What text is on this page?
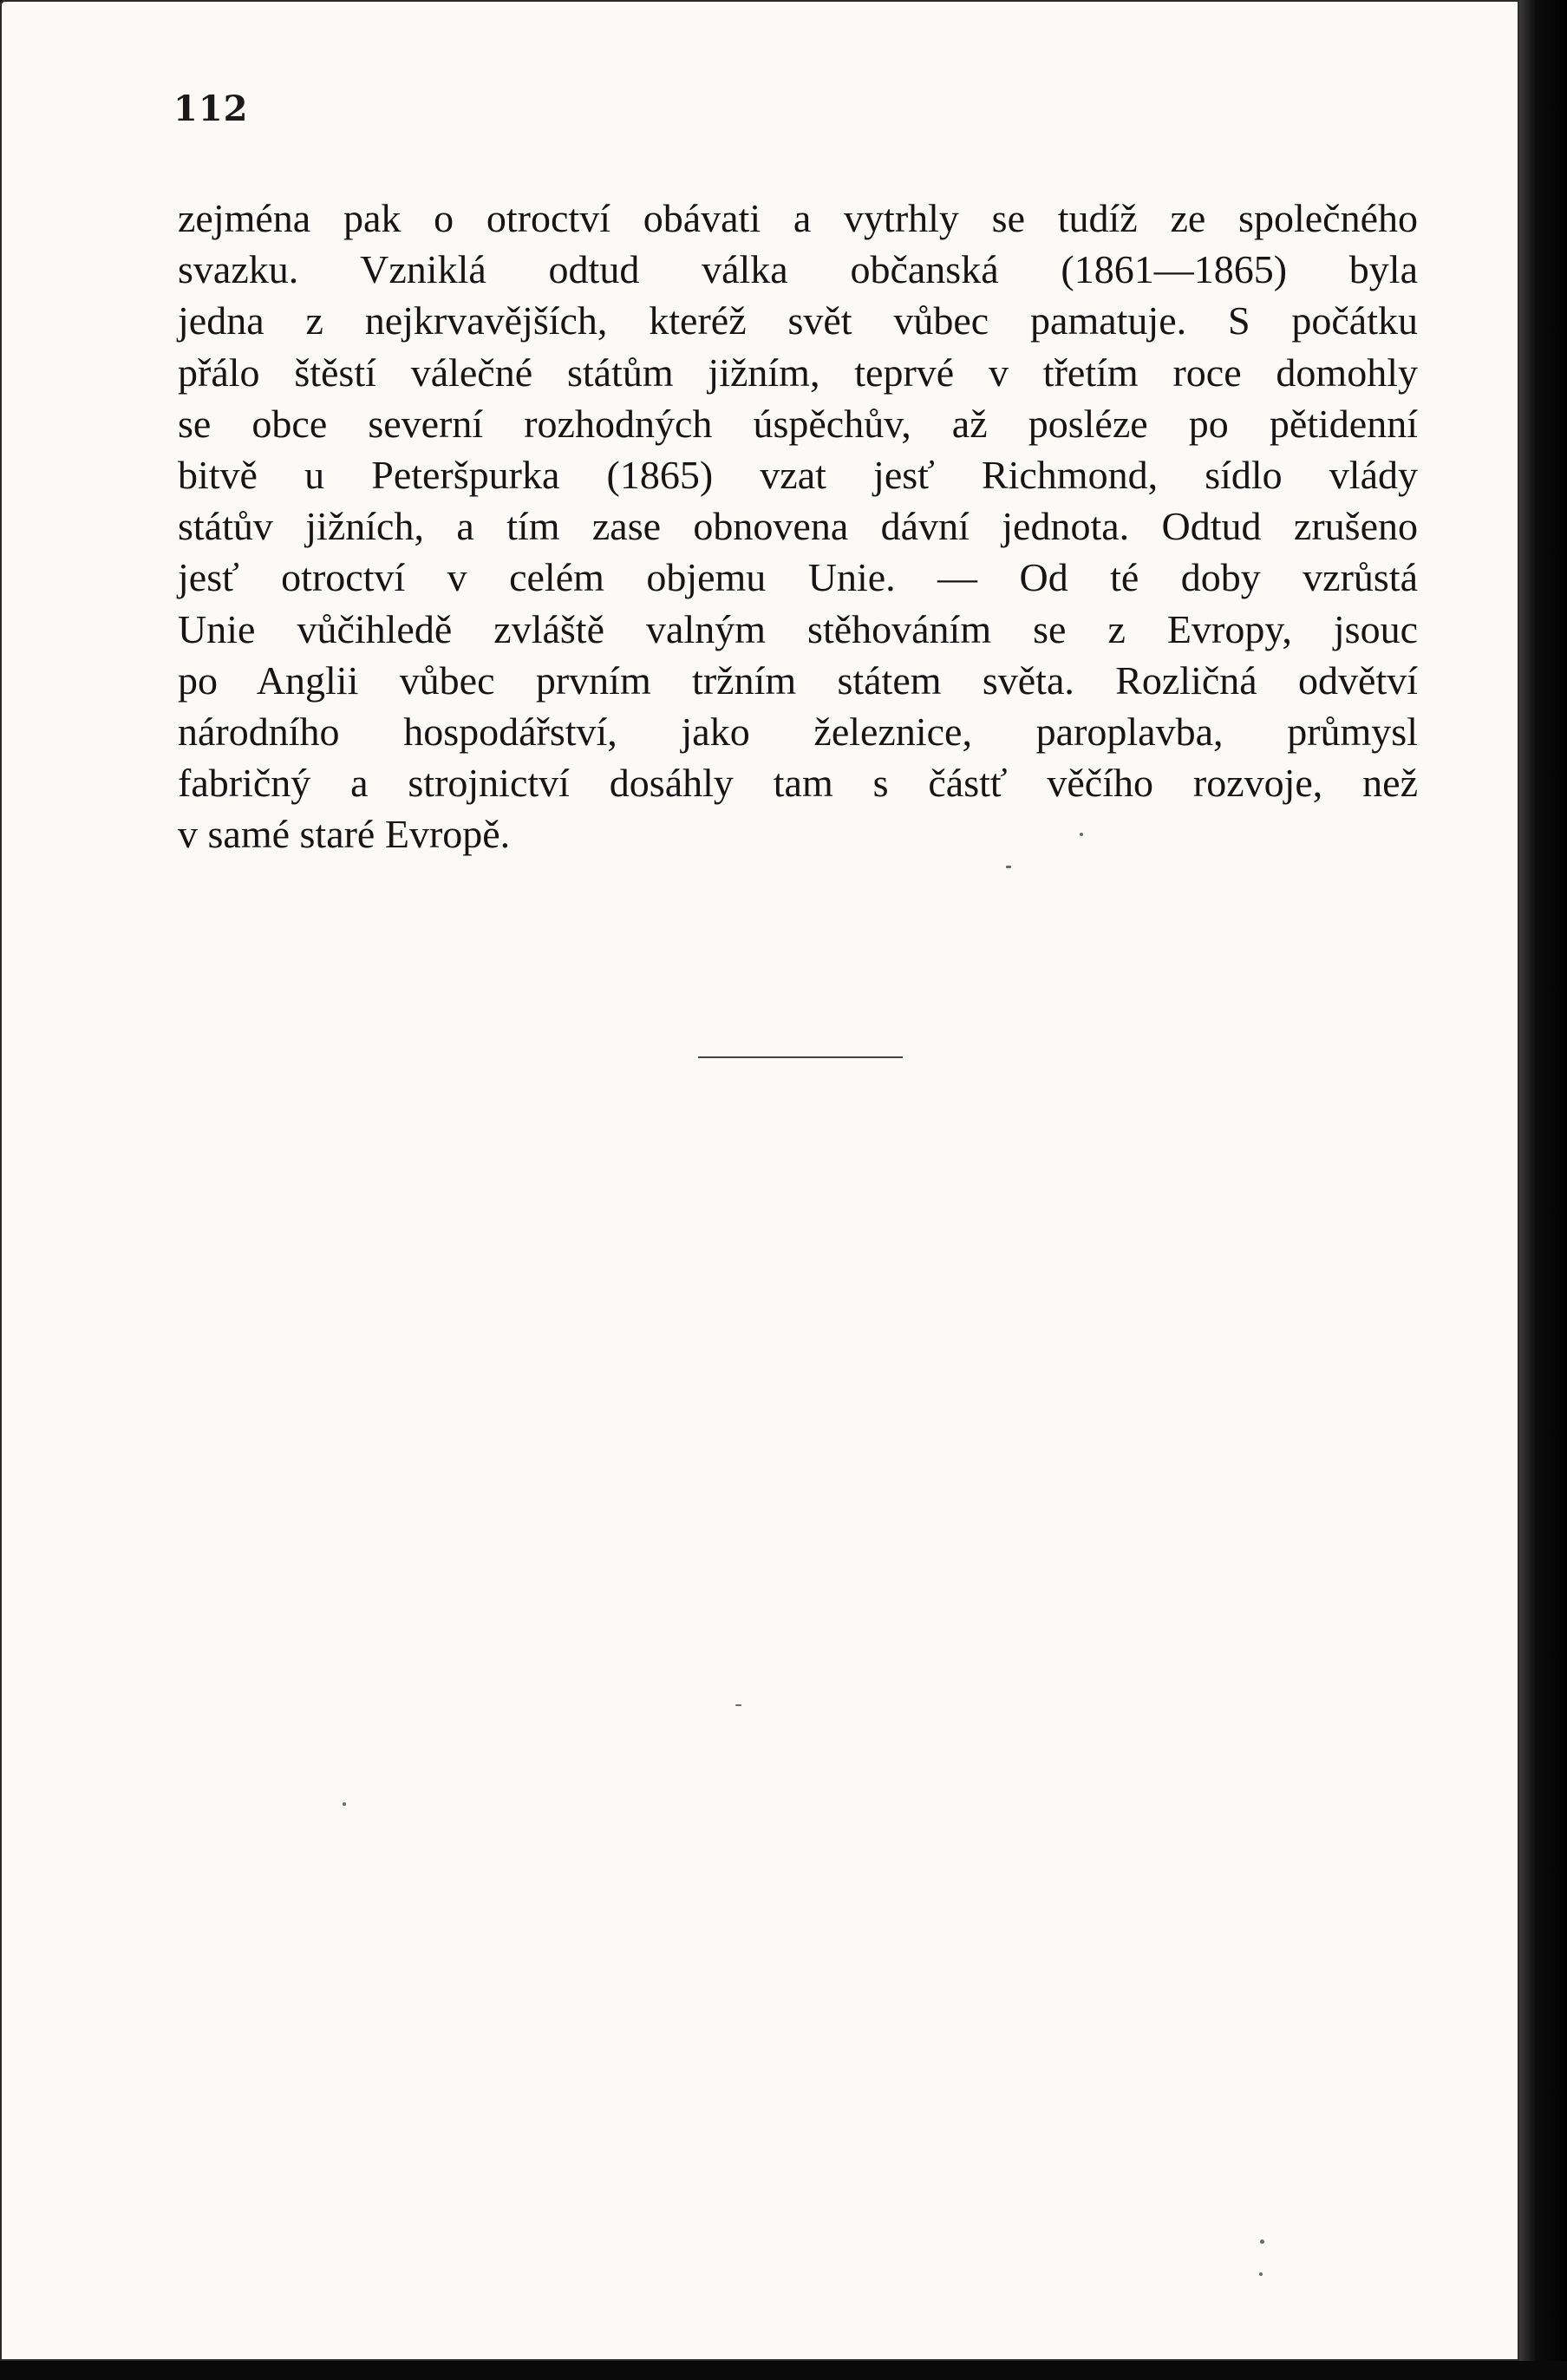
112
zejména pak o otroctví obávati a vytrhly se tudíž ze společného
svazku. Vzniklá odtud válka občanská (1861—1865) byla
jedna z nejkrvavějších, kteréž svět vůbec pamatuje. S počátku
přálo štěstí válečné státům jižním, teprvé v třetím roce domohly
se obce severní rozhodných úspěchův, až posléze po pětidenní
bitvě u Peteršpurka (1865) vzat jesť Richmond, sídlo vlády
státův jižních, a tím zase obnovena dávní jednota. Odtud zrušeno
jesť otroctví v celém objemu Unie. — Od té doby vzrůstá
Unie vůčihledě zvláště valným stěhováním se z Evropy, jsouc
po Anglii vůbec prvním tržním státem světa. Rozličná odvětví
národního hospodářství, jako železnice, paroplavba, průmysl
fabričný a strojnictví dosáhly tam s částť věčího rozvoje, než
v samé staré Evropě.
